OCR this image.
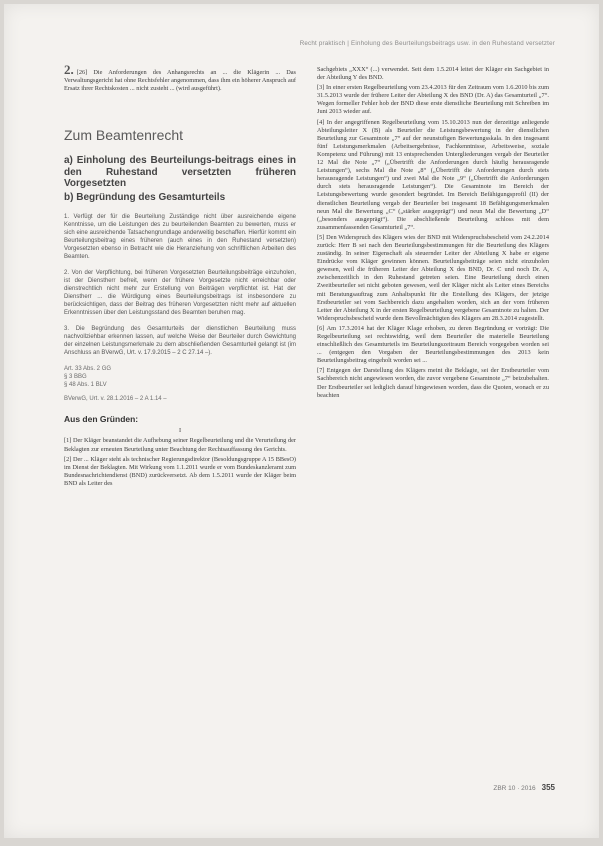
Recht praktisch | Einholung des Beurteilungsbeitrags usw. in den Ruhestand versetzter

2. [26] Die Anforderungen des Anhangsrechts an ... die Klägerin ... Das Verwaltungsgericht hat ohne Rechtsfehler angenommen, dass ihm ein höherer Anspruch auf Ersatz ihrer Rechtskosten ... nicht zusteht ... (wird ausgeführt).

Zum Beamtenrecht
a) Einholung des Beurteilungs-beitrags eines in den Ruhestand versetzten früheren Vorgesetzten
b) Begründung des Gesamturteils

1. Verfügt der für die Beurteilung Zuständige nicht über ausreichende eigene Kenntnisse, um die Leistungen des zu beurteilenden Beamten zu bewerten, muss er sich eine ausreichende Tatsachengrundlage anderweitig beschaffen. Hierfür kommt ein Beurteilungsbeitrag eines früheren (auch eines in den Ruhestand versetzten) Vorgesetzten ebenso in Betracht wie die Heranziehung von schriftlichen Arbeiten des Beamten.

2. Von der Verpflichtung, bei früheren Vorgesetzten Beurteilungsbeiträge einzuholen, ist der Dienstherr befreit, wenn der frühere Vorgesetzte nicht erreichbar oder dienstrechtlich nicht mehr zur Erstellung von Beiträgen verpflichtet ist. Hat der Dienstherr ... die Würdigung eines Beurteilungsbeitrags ist insbesondere zu berücksichtigen, dass der Beitrag des früheren Vorgesetzten nicht mehr auf aktuellen Erkenntnissen über den Leistungsstand des Beamten beruhen mag.

3. Die Begründung des Gesamturteils der dienstlichen Beurteilung muss nachvollziehbar erkennen lassen, auf welche Weise der Beurteiler durch Gewichtung der einzelnen Leistungsmerkmale zu dem abschließenden Gesamturteil gelangt ist (im Anschluss an BVerwG, Urt. v. 17.9.2015 – 2 C 27.14 –).

Art. 33 Abs. 2 GG
§ 3 BBG
§ 48 Abs. 1 BLV
BVerwG, Urt. v. 28.1.2016 – 2 A 1.14 –
Aus den Gründen:
I

[1] Der Kläger beanstandet die Aufhebung seiner Regelbeurteilung und die Verurteilung der Beklagten zur erneuten Beurteilung unter Beachtung der Rechtsauffassung des Gerichts.

[2] Der ... Kläger steht als technischer Regierungsdirektor (Besoldungsgruppe A 15 BBesO) im Dienst der Beklagten. Mit Wirkung vom 1.1.2011 wurde er vom Bundeskanzleramt zum Bundesnachrichtendienst (BND) zurückversetzt. Ab dem 1.5.2011 wurde der Kläger beim BND als Leiter des

Sachgebiets „XXX“ (...) verwendet. Seit dem 1.5.2014 leitet der Kläger ein Sachgebiet in der Abteilung Y des BND.

[3] In einer ersten Regelbeurteilung vom 23.4.2013 für den Zeitraum vom 1.6.2010 bis zum 31.5.2013 wurde der frühere Leiter der Abteilung X des BND (Dr. A) das Gesamturteil „7“. Wegen formeller Fehler hob der BND diese erste dienstliche Beurteilung mit Schreiben im Juni 2013 wieder auf.

[4] In der angegriffenen Regelbeurteilung vom 15.10.2013 nun der derzeitige anliegende Abteilungsleiter X (B) als Beurteiler die Leistungsbewertung in der dienstlichen Beurteilung zur Gesamtnote „7“ auf der neunstufigen Bewertungsskala. In den insgesamt fünf Leistungsmerkmalen (Arbeitsergebnisse, Fachkenntnisse, Arbeitsweise, soziale Kompetenz und Führung) mit 13 entsprechenden Untergliederungen vergab der Beurteiler 12 Mal die Note „7“ („Übertrifft die Anforderungen durch häufig herausragende Leistungen“), sechs Mal die Note „8“ („Übertrifft die Anforderungen durch stets herausragende Leistungen“) und zwei Mal die Note „9“ („Übertrifft die Anforderungen durch stets herausragende Leistungen“). Die Gesamtnote im Bereich der Leistungsbewertung wurde gesondert begründet. Im Bereich Befähigungsprofil (II) der dienstlichen Beurteilung vergab der Beurteiler bei insgesamt 18 Befähigungsmerkmalen neun Mal die Bewertung „C“ („stärker ausgeprägt“) und neun Mal die Bewertung „D“ („besonders ausgeprägt“). Die abschließende Beurteilung schloss mit dem zusammenfassenden Gesamturteil „7“.

[5] Den Widerspruch des Klägers wies der BND mit Widerspruchsbescheid vom 24.2.2014 zurück: Herr B sei nach den Beurteilungsbestimmungen für die Beurteilung des Klägers zuständig. In seiner Eigenschaft als steuernder Leiter der Abteilung X habe er eigene Eindrücke vom Kläger gewinnen können. Beurteilungsbeiträge seien nicht einzuholen gewesen, weil die früheren Leiter der Abteilung X des BND, Dr. C und noch Dr. A, zwischenzeitlich in den Ruhestand getreten seien. Eine Beurteilung durch einen Zweitbeurteiler sei nicht geboten gewesen, weil der Kläger nicht als Leiter eines Bereichs mit Beratungsauftrag zum Anhaltspunkt für die Erstellung des Klägers, der jetzige Erstbeurteiler sei vom Sachbereich dazu angehalten worden, sich an der vom früheren Leiter der Abteilung X in der ersten Regelbeurteilung vergebene Gesamtnote zu halten. Der Widerspruchsbescheid wurde dem Bevollmächtigten des Klägers am 28.3.2014 zugestellt.

[6] Am 17.3.2014 hat der Kläger Klage erhoben, zu deren Begründung er vorträgt: Die Regelbeurteilung sei rechtswidrig, weil dem Beurteiler die materielle Beurteilung einschließlich des Gesamturteils im Beurteilungszeitraum Bereich vorgegeben worden sei ... (entgegen den Vorgaben der Beurteilungsbestimmungen des 2013 kein Beurteilungsbeitrag eingeholt worden sei ...

[7] Entgegen der Darstellung des Klägers meint die Beklagte, sei der Erstbeurteiler vom Sachbereich nicht angewiesen worden, die zuvor vergebene Gesamtnote „7“ beizubehalten. Der Erstbeurteiler sei lediglich darauf hingewiesen worden, dass die Quoten, wonach er zu beachten

ZBR 10 · 2016 355
